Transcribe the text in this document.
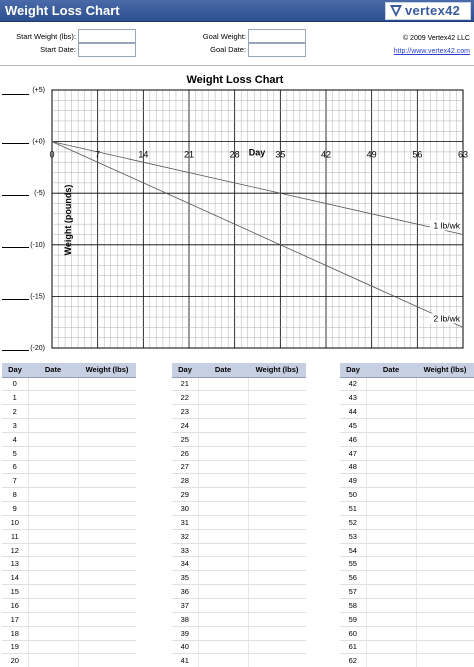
Weight Loss Chart	vertex42
Start Weight (lbs):
Start Date:
Goal Weight:
Goal Date:
© 2009 Vertex42 LLC
http://www.vertex42.com
Weight Loss Chart
(+5)
(+0)
(-5)
(-10)
(-15)
(-20)
0	7	14	21	28	35	42	49	56	63
Day
Weight (pounds)	1 lb/wk
2 lb/wk
Day	Date	Weight (lbs)
0		
1		
2		
3		
4		
5		
6		
7		
8		
9		
10		
11		
12		
13		
14		
15		
16		
17		
18		
19		
20		
Day	Date	Weight (lbs)
21		
22		
23		
24		
25		
26		
27		
28		
29		
30		
31		
32		
33		
34		
35		
36		
37		
38		
39		
40		
41		
Day	Date	Weight (lbs)
42		
43		
44		
45		
46		
47		
48		
49		
50		
51		
52		
53		
54		
55		
56		
57		
58		
59		
60		
61		
62		
